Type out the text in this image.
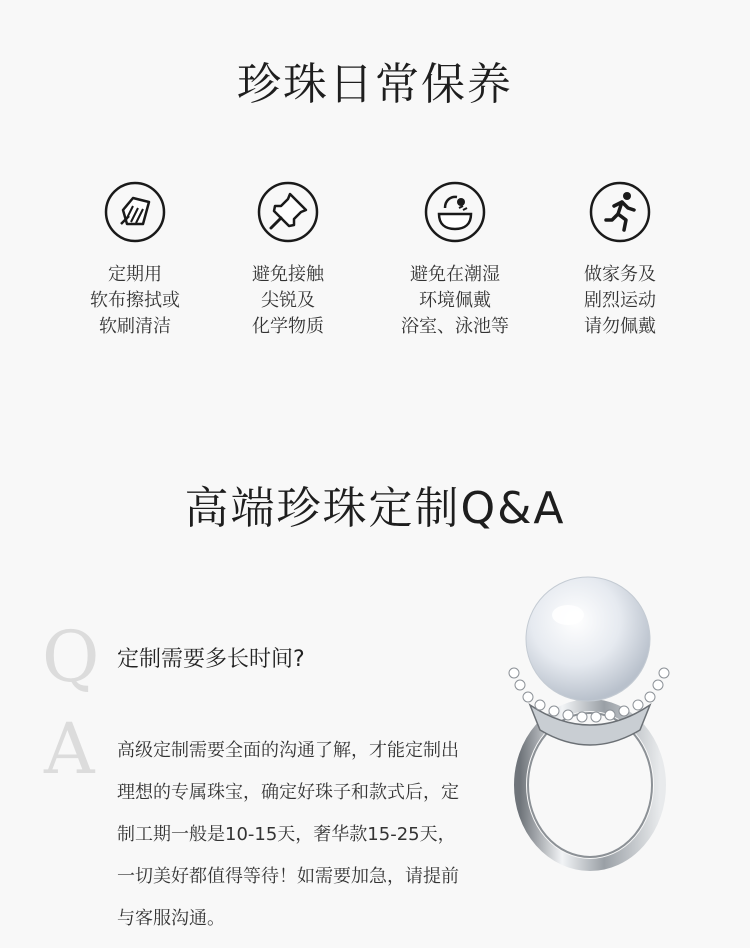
珍珠日常保养
定期用
软布擦拭或
软刷清洁
避免接触
尖锐及
化学物质
避免在潮湿
环境佩戴
浴室、泳池等
做家务及
剧烈运动
请勿佩戴
高端珍珠定制Q&A
Q 定制需要多长时间?
A 高级定制需要全面的沟通了解，才能定制出理想的专属珠宝，确定好珠子和款式后，定制工期一般是10-15天，奢华款15-25天，一切美好都值得等待！如需要加急，请提前与客服沟通。
